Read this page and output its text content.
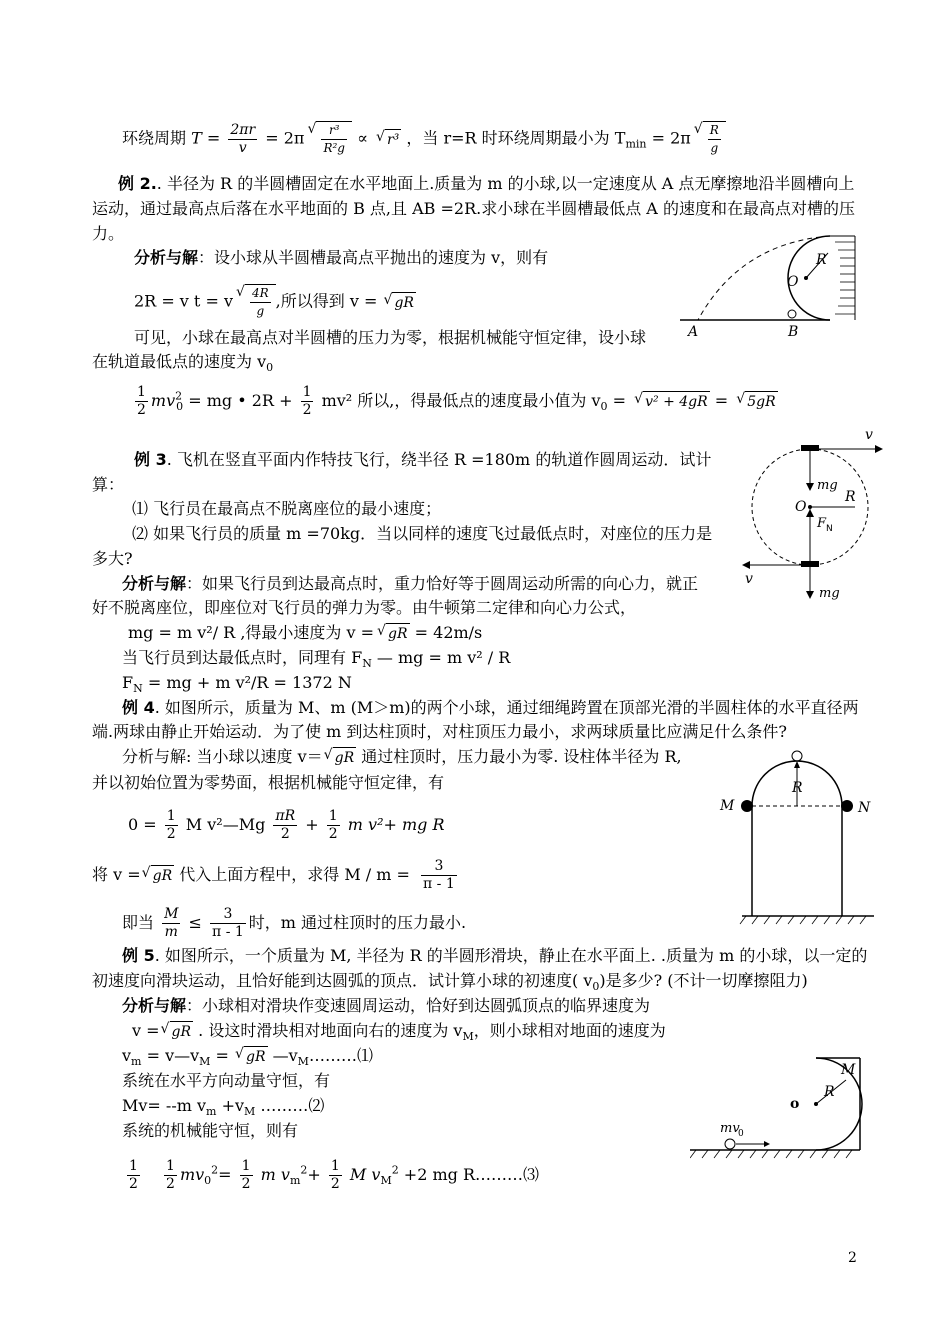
环绕周期 $T = \frac{2\pi r}{v} = 2\pi$ √ $\frac{\text{r³}}{\text{R²g}}$ ∝ √ r³ ，当 r=R 时环绕周期最小为 $T_{min} = 2\pi$ √ $\frac{R}{g}$
例 2.. 半径为 R 的半圆槽固定在水平地面上.质量为 m 的小球,以一定速度从 A 点无摩擦地沿半圆槽向上
运动，通过最高点后落在水平地面的 B 点,且 AB =2R.求小球在半圆槽最低点 A 的速度和在最高点对槽的压
力。
分析与解：设小球从半圆槽最高点平抛出的速度为 v，则有
2R = v t = v √ $\frac{4R}{g}$ ,所以得到 v = √ gR
可见，小球在最高点对半圆槽的压力为零，根据机械能守恒定律，设小球
在轨道最低点的速度为 $v_0$
$\frac{1}{2} mv^2_0$ = mg • $2R + \frac{1}{2} mv^2$ 所以,，得最低点的速度最小值为 $v_0$ = √ v² + 4gR = √ 5gR
O
R
A	B
例 3. 飞机在竖直平面内作特技飞行，绕半径 R =180m 的轨道作圆周运动．试计
算：
⑴ 飞行员在最高点不脱离座位的最小速度；
⑵ 如果飞行员的质量 m =70kg．当以同样的速度飞过最低点时，对座位的压力是
多大?
分析与解：如果飞行员到达最高点时，重力恰好等于圆周运动所需的向心力，就正
好不脱离座位，即座位对飞行员的弹力为零。由牛顿第二定律和向心力公式，
mg = m v²/ R ,得最小速度为 v = √ gR = 42m/s
当飞行员到达最低点时，同理有 $F_N$ — mg = m v² / R
$F_N$ = mg + m v²/R = 1372 N
v
mg
R
O
F N
v
mg
例 4. 如图所示，质量为 M、m (M＞m)的两个小球，通过细绳跨置在顶部光滑的半圆柱体的水平直径两
端.两球由静止开始运动．为了使 m 到达柱顶时，对柱顶压力最小，求两球质量比应满足什么条件?
分析与解: 当小球以速度 v＝ √ gR 通过柱顶时，压力最小为零. 设柱体半径为 R,
并以初始位置为零势面，根据机械能守恒定律，有
$0 = \frac{1}{2}$ M v²—Mg $\frac{\pi R}{2} + \frac{1}{2}$ m v²+ mg R
将 v = √ gR 代入上面方程中，求得 $M / m = \frac{3}{\pi - 1}$
即当 $\frac{M}{m} \le \frac{3}{\pi - 1}$ 时，m 通过柱顶时的压力最小.
M	N
R
例 5. 如图所示，一个质量为 M, 半径为 R 的半圆形滑块，静止在水平面上. .质量为 m 的小球，以一定的
初速度向滑块运动，且恰好能到达圆弧的顶点．试计算小球的初速度( $v_0$)是多少? (不计一切摩擦阻力)
分析与解：小球相对滑块作变速圆周运动，恰好到达圆弧顶点的临界速度为
v = √ gR . 设这时滑块相对地面向右的速度为 $v_M$，则小球相对地面的速度为
$v_m$ = $v—v_M$ = √ gR $—v_M\dots\dots\dots ⑴$
系统在水平方向动量守恒，有
Mv= --m $v_m +v_M$ ………⑵
系统的机械能守恒，则有
$\frac{1}{2}$
$\frac{1}{2} mv_0^2= \frac{1}{2}$ m $v_m^2+ \frac{1}{2}$ M $v_M^2 +2$ mg R………⑶
o
R
M
mv
0
2
